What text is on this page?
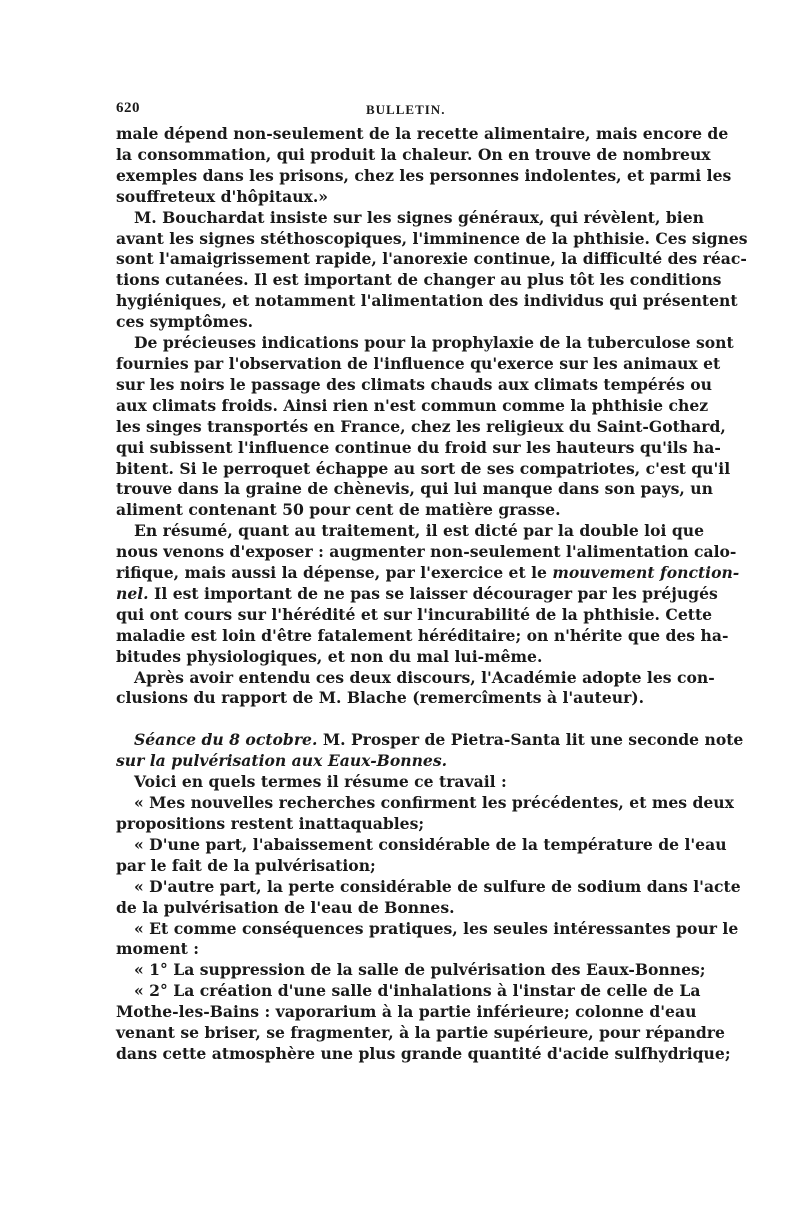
620	BULLETIN.

male dépend non-seulement de la recette alimentaire, mais encore de
la consommation, qui produit la chaleur. On en trouve de nombreux
exemples dans les prisons, chez les personnes indolentes, et parmi les
souffreteux d'hôpitaux.»

M. Bouchardat insiste sur les signes généraux, qui révèlent, bien
avant les signes stéthoscopiques, l'imminence de la phthisie. Ces signes
sont l'amaigrissement rapide, l'anorexie continue, la difficulté des réac-
tions cutanées. Il est important de changer au plus tôt les conditions
hygiéniques, et notamment l'alimentation des individus qui présentent
ces symptômes.

De précieuses indications pour la prophylaxie de la tuberculose sont
fournies par l'observation de l'influence qu'exerce sur les animaux et
sur les noirs le passage des climats chauds aux climats tempérés ou
aux climats froids. Ainsi rien n'est commun comme la phthisie chez
les singes transportés en France, chez les religieux du Saint-Gothard,
qui subissent l'influence continue du froid sur les hauteurs qu'ils ha-
bitent. Si le perroquet échappe au sort de ses compatriotes, c'est qu'il
trouve dans la graine de chènevis, qui lui manque dans son pays, un
aliment contenant 50 pour cent de matière grasse.

En résumé, quant au traitement, il est dicté par la double loi que
nous venons d'exposer : augmenter non-seulement l'alimentation calo-
rifique, mais aussi la dépense, par l'exercice et le mouvement fonction-
nel. Il est important de ne pas se laisser décourager par les préjugés
qui ont cours sur l'hérédité et sur l'incurabilité de la phthisie. Cette
maladie est loin d'être fatalement héréditaire; on n'hérite que des ha-
bitudes physiologiques, et non du mal lui-même.

Après avoir entendu ces deux discours, l'Académie adopte les con-
clusions du rapport de M. Blache (remercîments à l'auteur).

Séance du 8 octobre. M. Prosper de Pietra-Santa lit une seconde note
sur la pulvérisation aux Eaux-Bonnes.

Voici en quels termes il résume ce travail :

« Mes nouvelles recherches confirment les précédentes, et mes deux
propositions restent inattaquables;

« D'une part, l'abaissement considérable de la température de l'eau
par le fait de la pulvérisation;

« D'autre part, la perte considérable de sulfure de sodium dans l'acte
de la pulvérisation de l'eau de Bonnes.

« Et comme conséquences pratiques, les seules intéressantes pour le
moment :

« 1° La suppression de la salle de pulvérisation des Eaux-Bonnes;

« 2° La création d'une salle d'inhalations à l'instar de celle de La
Mothe-les-Bains : vaporarium à la partie inférieure; colonne d'eau
venant se briser, se fragmenter, à la partie supérieure, pour répandre
dans cette atmosphère une plus grande quantité d'acide sulfhydrique;
